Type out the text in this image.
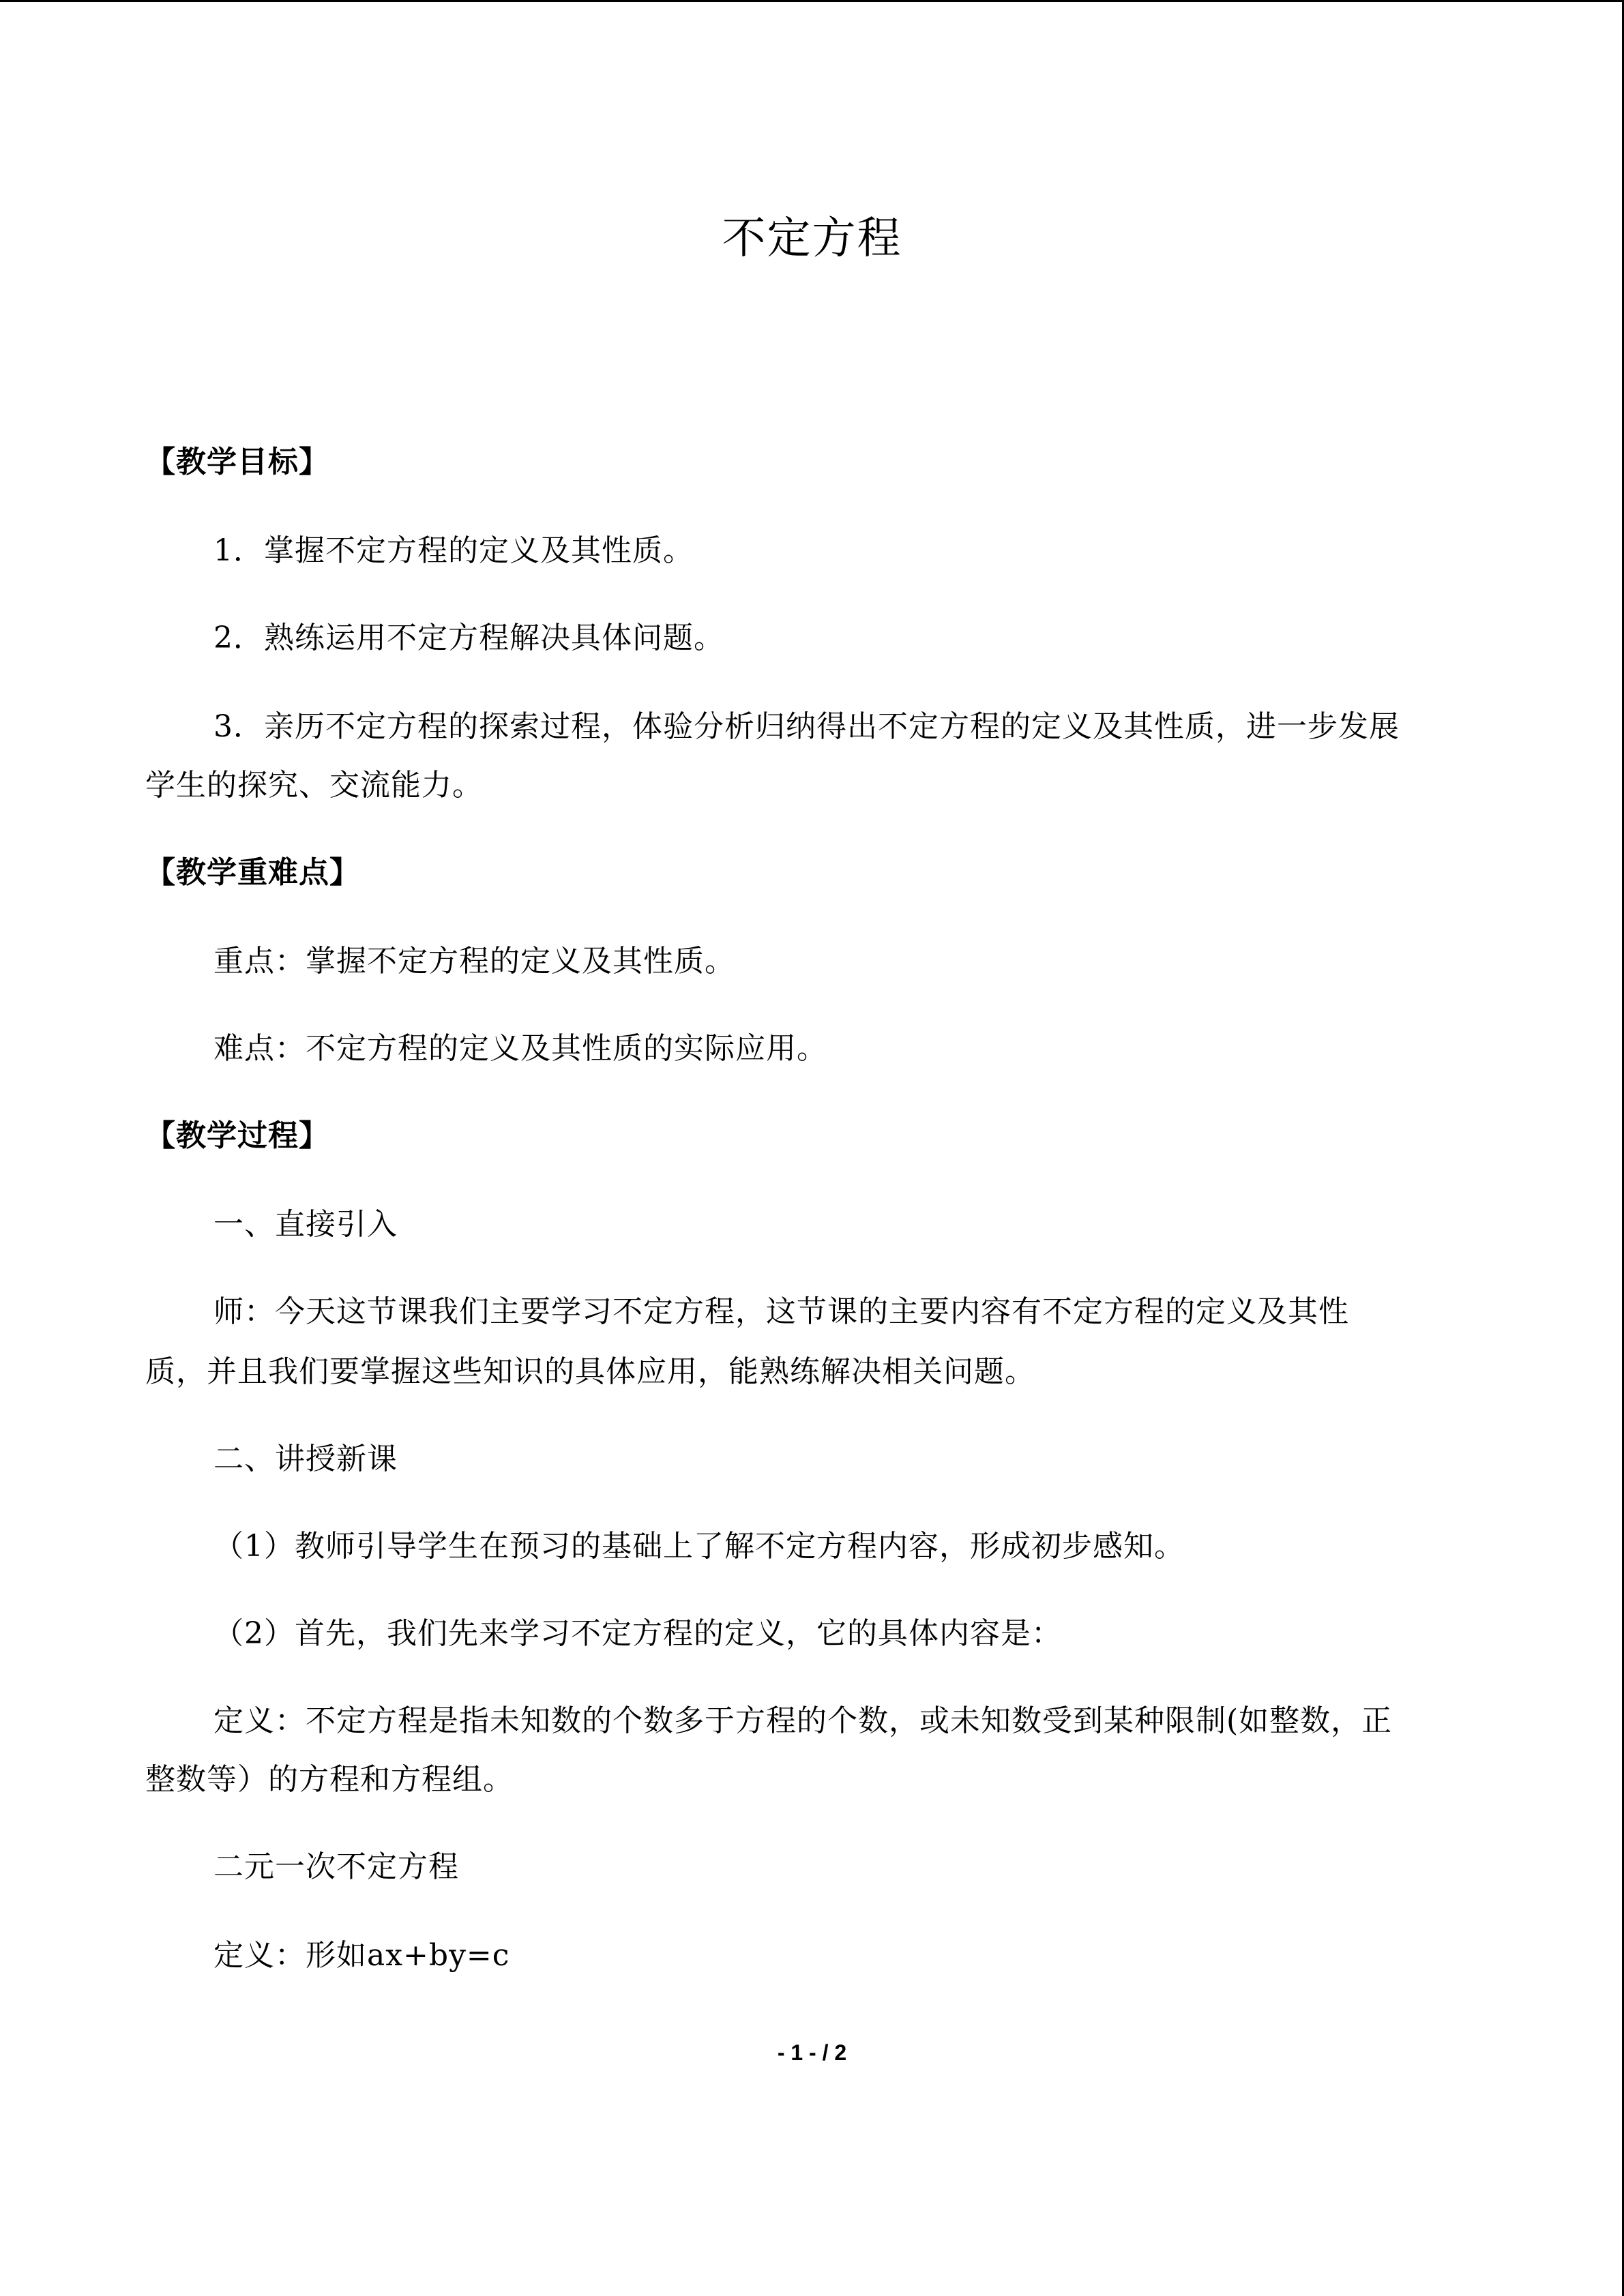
不定方程
【教学目标】
1．掌握不定方程的定义及其性质。
2．熟练运用不定方程解决具体问题。
3．亲历不定方程的探索过程，体验分析归纳得出不定方程的定义及其性质，进一步发展
学生的探究、交流能力。
【教学重难点】
重点：掌握不定方程的定义及其性质。
难点：不定方程的定义及其性质的实际应用。
【教学过程】
一、直接引入
师：今天这节课我们主要学习不定方程，这节课的主要内容有不定方程的定义及其性
质，并且我们要掌握这些知识的具体应用，能熟练解决相关问题。
二、讲授新课
（1）教师引导学生在预习的基础上了解不定方程内容，形成初步感知。
（2）首先，我们先来学习不定方程的定义，它的具体内容是：
定义：不定方程是指未知数的个数多于方程的个数，或未知数受到某种限制(如整数，正
整数等）的方程和方程组。
二元一次不定方程
定义：形如ax+by=c
- 1 - / 2
